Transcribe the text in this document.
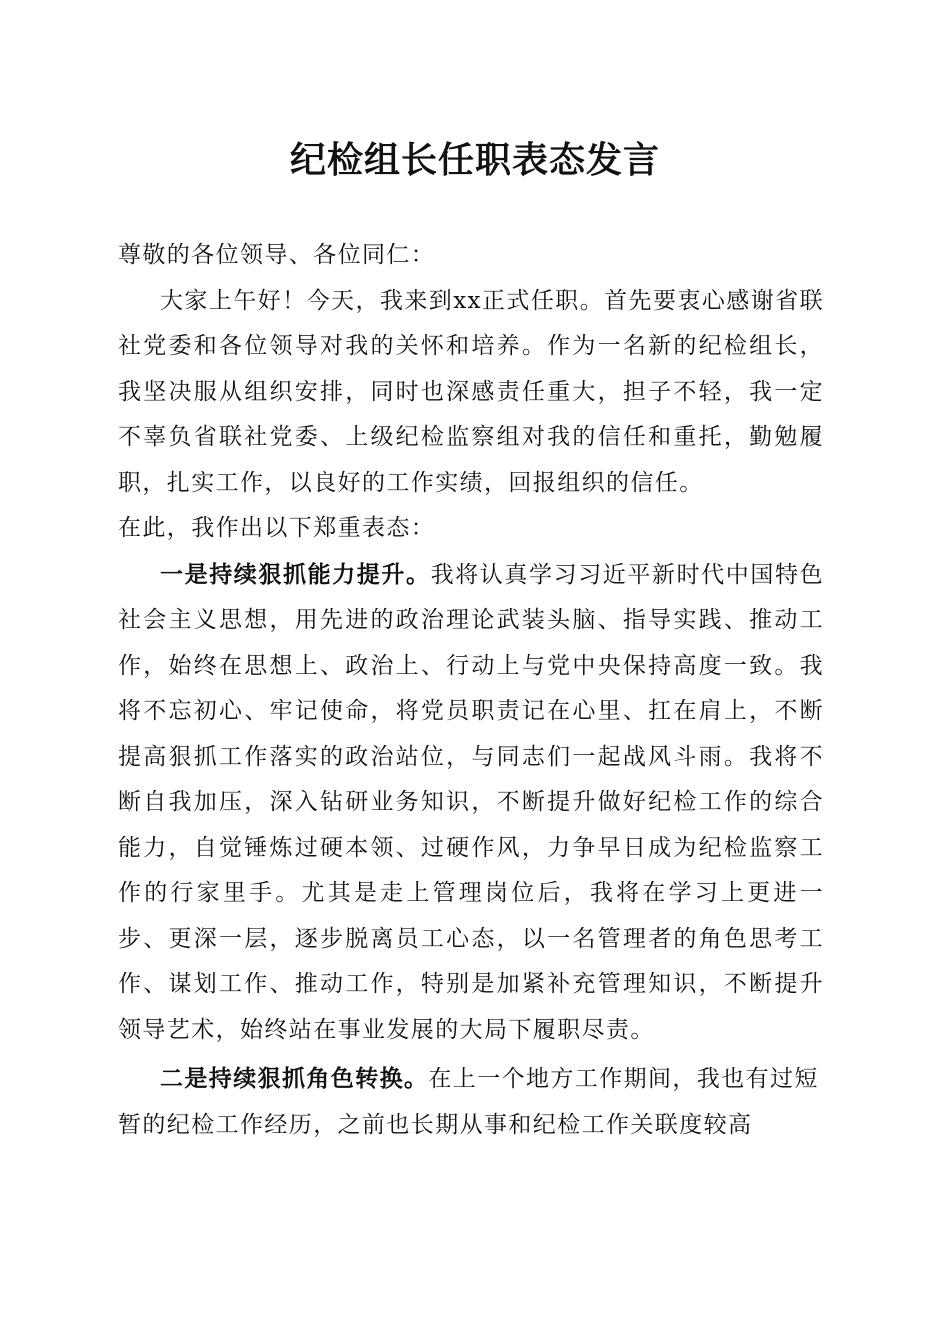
纪检组长任职表态发言

尊敬的各位领导、各位同仁：

大家上午好！今天，我来到xx正式任职。首先要衷心感谢省联社党委和各位领导对我的关怀和培养。作为一名新的纪检组长，我坚决服从组织安排，同时也深感责任重大，担子不轻，我一定不辜负省联社党委、上级纪检监察组对我的信任和重托，勤勉履职，扎实工作，以良好的工作实绩，回报组织的信任。

在此，我作出以下郑重表态：

一是持续狠抓能力提升。我将认真学习习近平新时代中国特色社会主义思想，用先进的政治理论武装头脑、指导实践、推动工作，始终在思想上、政治上、行动上与党中央保持高度一致。我将不忘初心、牢记使命，将党员职责记在心里、扛在肩上，不断提高狠抓工作落实的政治站位，与同志们一起战风斗雨。我将不断自我加压，深入钻研业务知识，不断提升做好纪检工作的综合能力，自觉锤炼过硬本领、过硬作风，力争早日成为纪检监察工作的行家里手。尤其是走上管理岗位后，我将在学习上更进一步、更深一层，逐步脱离员工心态，以一名管理者的角色思考工作、谋划工作、推动工作，特别是加紧补充管理知识，不断提升领导艺术，始终站在事业发展的大局下履职尽责。

二是持续狠抓角色转换。在上一个地方工作期间，我也有过短暂的纪检工作经历，之前也长期从事和纪检工作关联度较高
